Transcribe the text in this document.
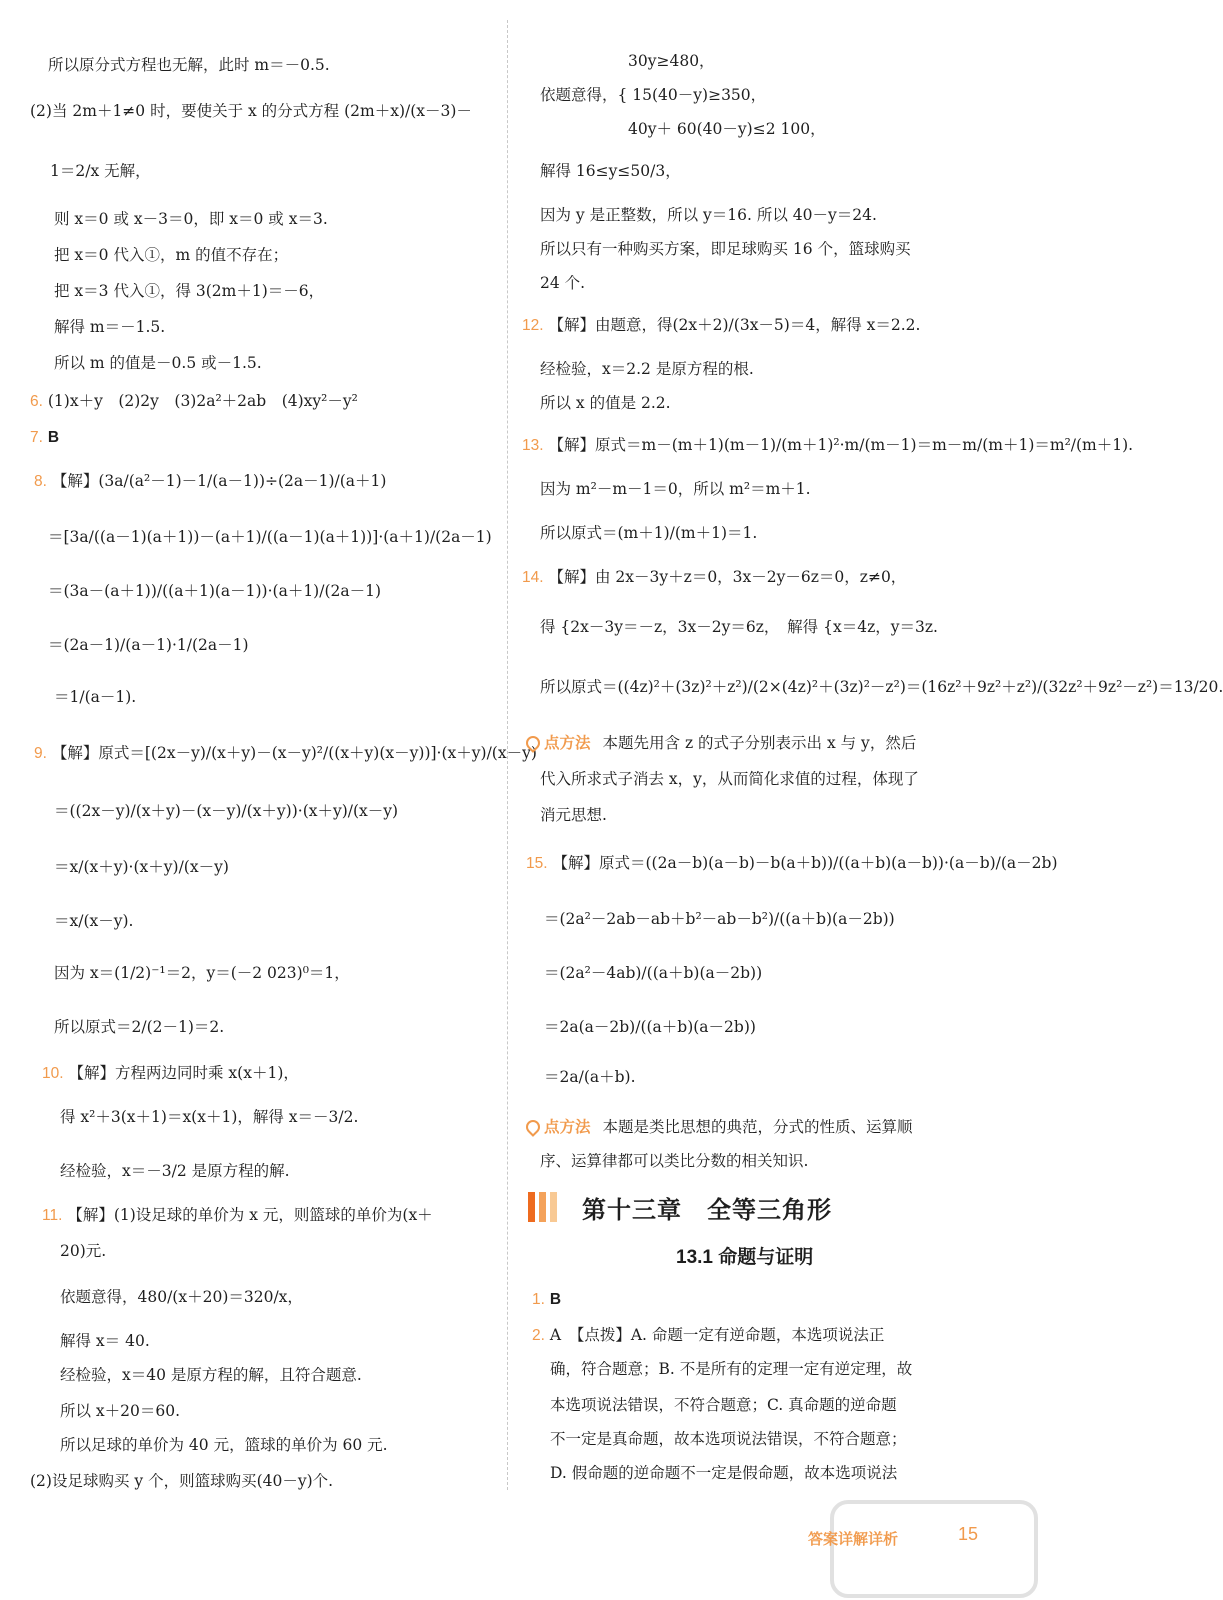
所以原分式方程也无解，此时 m＝－0.5.
(2)当 2m＋1≠0 时，要使关于 x 的分式方程 (2m＋x)/(x－3)－
1＝2/x 无解，
则 x＝0 或 x－3＝0，即 x＝0 或 x＝3.
把 x＝0 代入①，m 的值不存在；
把 x＝3 代入①，得 3(2m＋1)＝－6，
解得 m＝－1.5.
所以 m 的值是－0.5 或－1.5.
6. (1)x＋y　(2)2y　(3)2a²＋2ab　(4)xy²－y²
7. B
8. 【解】(3a/(a²－1)－1/(a－1))÷(2a－1)/(a＋1)
＝[3a/((a－1)(a＋1))－(a＋1)/((a－1)(a＋1))]·(a＋1)/(2a－1)
＝(3a－(a＋1))/((a＋1)(a－1))·(a＋1)/(2a－1)
＝(2a－1)/(a－1)·1/(2a－1)
＝1/(a－1).
9. 【解】原式＝[(2x－y)/(x＋y)－(x－y)²/((x＋y)(x－y))]·(x＋y)/(x－y)
＝((2x－y)/(x＋y)－(x－y)/(x＋y))·(x＋y)/(x－y)
＝x/(x＋y)·(x＋y)/(x－y)
＝x/(x－y).
因为 x＝(1/2)⁻¹＝2，y＝(－2 023)⁰＝1，
所以原式＝2/(2－1)＝2.
10. 【解】方程两边同时乘 x(x＋1)，
得 x²＋3(x＋1)＝x(x＋1)，解得 x＝－3/2.
经检验，x＝－3/2 是原方程的解.
11. 【解】(1)设足球的单价为 x 元，则篮球的单价为(x＋
20)元.
依题意得，480/(x＋20)＝320/x，
解得 x＝ 40.
经检验，x＝40 是原方程的解，且符合题意.
所以 x＋20＝60.
所以足球的单价为 40 元，篮球的单价为 60 元.
(2)设足球购买 y 个，则篮球购买(40－y)个.
30y≥480，
依题意得，{ 15(40－y)≥350，
40y＋ 60(40－y)≤2 100，
解得 16≤y≤50/3，
因为 y 是正整数，所以 y＝16. 所以 40－y＝24.
所以只有一种购买方案，即足球购买 16 个，篮球购买
24 个.
12. 【解】由题意，得(2x＋2)/(3x－5)＝4，解得 x＝2.2.
经检验，x＝2.2 是原方程的根.
所以 x 的值是 2.2.
13. 【解】原式＝m－(m＋1)(m－1)/(m＋1)²·m/(m－1)＝m－m/(m＋1)＝m²/(m＋1).
因为 m²－m－1＝0，所以 m²＝m＋1.
所以原式＝(m＋1)/(m＋1)＝1.
14. 【解】由 2x－3y＋z＝0，3x－2y－6z＝0，z≠0，
得 {2x－3y＝－z，3x－2y＝6z，　解得 {x＝4z，y＝3z.
所以原式＝((4z)²＋(3z)²＋z²)/(2×(4z)²＋(3z)²－z²)＝(16z²＋9z²＋z²)/(32z²＋9z²－z²)＝13/20.
点方法 本题先用含 z 的式子分别表示出 x 与 y，然后
代入所求式子消去 x，y，从而简化求值的过程，体现了
消元思想.
15. 【解】原式＝((2a－b)(a－b)－b(a＋b))/((a＋b)(a－b))·(a－b)/(a－2b)
＝(2a²－2ab－ab＋b²－ab－b²)/((a＋b)(a－2b))
＝(2a²－4ab)/((a＋b)(a－2b))
＝2a(a－2b)/((a＋b)(a－2b))
＝2a/(a＋b).
点方法 本题是类比思想的典范，分式的性质、运算顺
序、运算律都可以类比分数的相关知识.
第十三章　全等三角形
13.1 命题与证明
1. B
2. A　【点拨】A. 命题一定有逆命题，本选项说法正
确，符合题意；B. 不是所有的定理一定有逆定理，故
本选项说法错误，不符合题意；C. 真命题的逆命题
不一定是真命题，故本选项说法错误，不符合题意；
D. 假命题的逆命题不一定是假命题，故本选项说法
答案详解详析	15
